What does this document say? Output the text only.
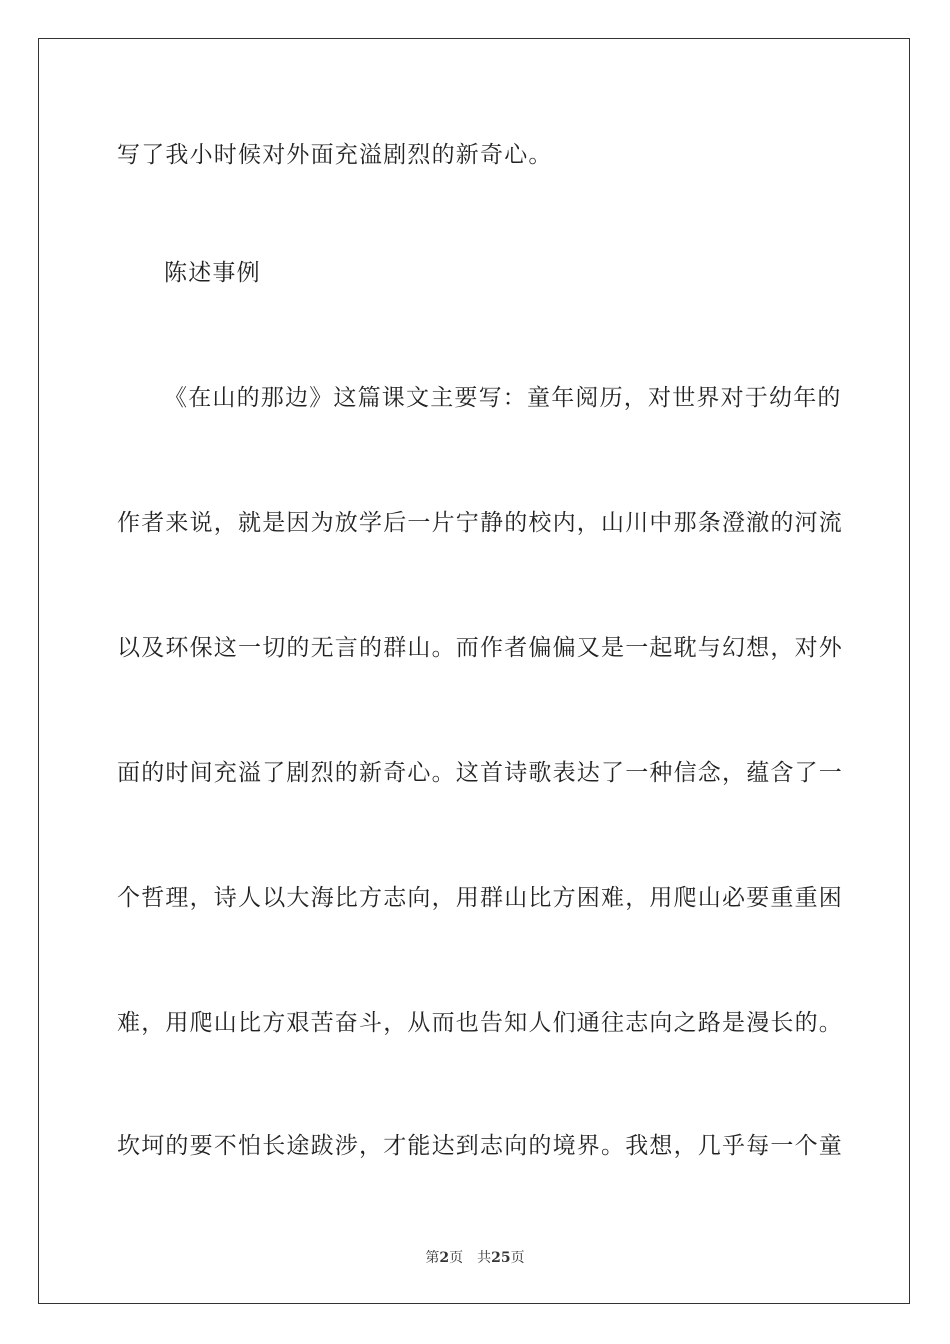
写了我小时候对外面充溢剧烈的新奇心。
陈述事例
《在山的那边》这篇课文主要写：童年阅历，对世界对于幼年的
作者来说，就是因为放学后一片宁静的校内，山川中那条澄澈的河流
以及环保这一切的无言的群山。而作者偏偏又是一起耽与幻想，对外
面的时间充溢了剧烈的新奇心。这首诗歌表达了一种信念，蕴含了一
个哲理，诗人以大海比方志向，用群山比方困难，用爬山必要重重困
难，用爬山比方艰苦奋斗，从而也告知人们通往志向之路是漫长的。
坎坷的要不怕长途跋涉，才能达到志向的境界。我想，几乎每一个童
第2页 共25页
